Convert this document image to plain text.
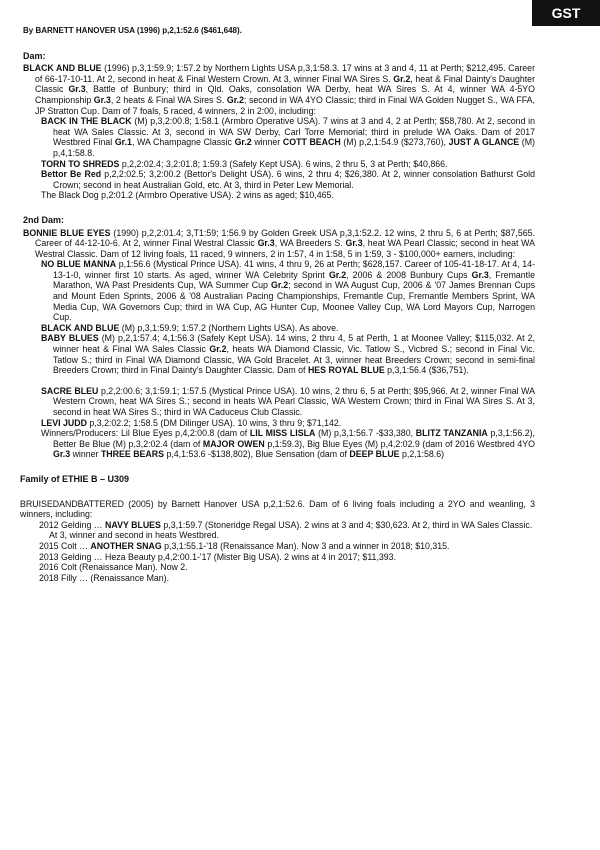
GST
By BARNETT HANOVER USA (1996) p,2,1:52.6 ($461,648).
Dam:

BLACK AND BLUE (1996) p,3,1:59.9; 1:57.2 by Northern Lights USA p,3,1:58.3. 17 wins at 3 and 4, 11 at Perth; $212,495. Career of 66-17-10-11. At 2, second in heat & Final Western Crown. At 3, winner Final WA Sires S. Gr.2, heat & Final Dainty's Daughter Classic Gr.3, Battle of Bunbury; third in Qld. Oaks, consolation WA Derby, heat WA Sires S. At 4, winner WA 4-5YO Championship Gr.3, 2 heats & Final WA Sires S. Gr.2; second in WA 4YO Classic; third in Final WA Golden Nugget S., WA FFA, JP Stratton Cup. Dam of 7 foals, 5 raced, 4 winners, 2 in 2:00, including:

BACK IN THE BLACK (M) p,3,2:00.8; 1:58.1 (Armbro Operative USA). 7 wins at 3 and 4, 2 at Perth; $58,780. At 2, second in heat WA Sales Classic. At 3, second in WA SW Derby, Carl Torre Memorial; third in prelude WA Oaks. Dam of 2017 Westbred Final Gr.1, WA Champagne Classic Gr.2 winner COTT BEACH (M) p,2,1:54.9 ($273,760), JUST A GLANCE (M) p,4,1:58.8.

TORN TO SHREDS p,2,2:02.4; 3,2:01.8; 1:59.3 (Safely Kept USA). 6 wins, 2 thru 5, 3 at Perth; $40,866.

Bettor Be Red p,2,2:02.5; 3,2:00.2 (Bettor's Delight USA). 6 wins, 2 thru 4; $26,380. At 2, winner consolation Bathurst Gold Crown; second in heat Australian Gold, etc. At 3, third in Peter Lew Memorial.

The Black Dog p,2:01.2 (Armbro Operative USA). 2 wins as aged; $10,465.

2nd Dam:

BONNIE BLUE EYES (1990) p,2,2:01.4; 3,T1:59; 1:56.9 by Golden Greek USA p,3,1:52.2. 12 wins, 2 thru 5, 6 at Perth; $87,565. Career of 44-12-10-6. At 2, winner Final Westral Classic Gr.3, WA Breeders S. Gr.3, heat WA Pearl Classic; second in heat WA Westral Classic. Dam of 12 living foals, 11 raced, 9 winners, 2 in 1:57, 4 in 1:58, 5 in 1:59, 3 - $100,000+ earners, including:

NO BLUE MANNA p,1:56.6 (Mystical Prince USA). 41 wins, 4 thru 9, 26 at Perth; $628,157. Career of 105-41-18-17. At 4, 14-13-1-0, winner first 10 starts. As aged, winner WA Celebrity Sprint Gr.2, 2006 & 2008 Bunbury Cups Gr.3, Fremantle Marathon, WA Past Presidents Cup, WA Summer Cup Gr.2; second in WA August Cup, 2006 & '07 James Brennan Cups and Mount Eden Sprints, 2006 & '08 Australian Pacing Championships, Fremantle Cup, Fremantle Members Sprint, WA Media Cup, WA Governors Cup; third in WA Cup, AG Hunter Cup, Moonee Valley Cup, WA Lord Mayors Cup, Narrogen Cup.

BLACK AND BLUE (M) p,3,1:59.9; 1:57.2 (Northern Lights USA). As above.

BABY BLUES (M) p,2,1:57.4; 4,1:56.3 (Safely Kept USA). 14 wins, 2 thru 4, 5 at Perth, 1 at Moonee Valley; $115,032. At 2, winner heat & Final WA Sales Classic Gr.2, heats WA Diamond Classic, Vic. Tatlow S., Vicbred S.; second in Final Vic. Tatlow S.; third in Final WA Diamond Classic, WA Gold Bracelet. At 3, winner heat Breeders Crown; second in semi-final Breeders Crown; third in Final Dainty's Daughter Classic. Dam of HES ROYAL BLUE p,3,1:56.4 ($36,751).

SACRE BLEU p,2,2:00.6; 3,1:59.1; 1:57.5 (Mystical Prince USA). 10 wins, 2 thru 6, 5 at Perth; $95,966. At 2, winner Final WA Western Crown, heat WA Sires S.; second in heats WA Pearl Classic, WA Western Crown; third in Final WA Sires S. At 3, second in heat WA Sires S.; third in WA Caduceus Club Classic.

LEVI JUDD p,3,2:02.2; 1:58.5 (DM Dilinger USA). 10 wins, 3 thru 9; $71,142.

Winners/Producers: Lil Blue Eyes p,4,2:00.8 (dam of LIL MISS LISLA (M) p,3,1:56.7 -$33,380, BLITZ TANZANIA p,3,1:56.2), Better Be Blue (M) p,3,2:02.4 (dam of MAJOR OWEN p,1:59.3), Big Blue Eyes (M) p,4,2:02.9 (dam of 2016 Westbred 4YO Gr.3 winner THREE BEARS p,4,1:53.6 -$138,802), Blue Sensation (dam of DEEP BLUE p,2,1:58.6)

Family of ETHIE B – U309

BRUISEDANDBATTERED (2005) by Barnett Hanover USA p,2,1:52.6. Dam of 6 living foals including a 2YO and weanling, 3 winners, including:

2012 Gelding … NAVY BLUES p,3,1:59.7 (Stoneridge Regal USA). 2 wins at 3 and 4; $30,623. At 2, third in WA Sales Classic. At 3, winner and second in heats Westbred.

2015 Colt … ANOTHER SNAG p,3,1:55.1-'18 (Renaissance Man). Now 3 and a winner in 2018; $10,315.

2013 Gelding … Heza Beauty p,4,2:00.1-'17 (Mister Big USA). 2 wins at 4 in 2017; $11,393.

2016 Colt (Renaissance Man). Now 2.

2018 Filly … (Renaissance Man).
